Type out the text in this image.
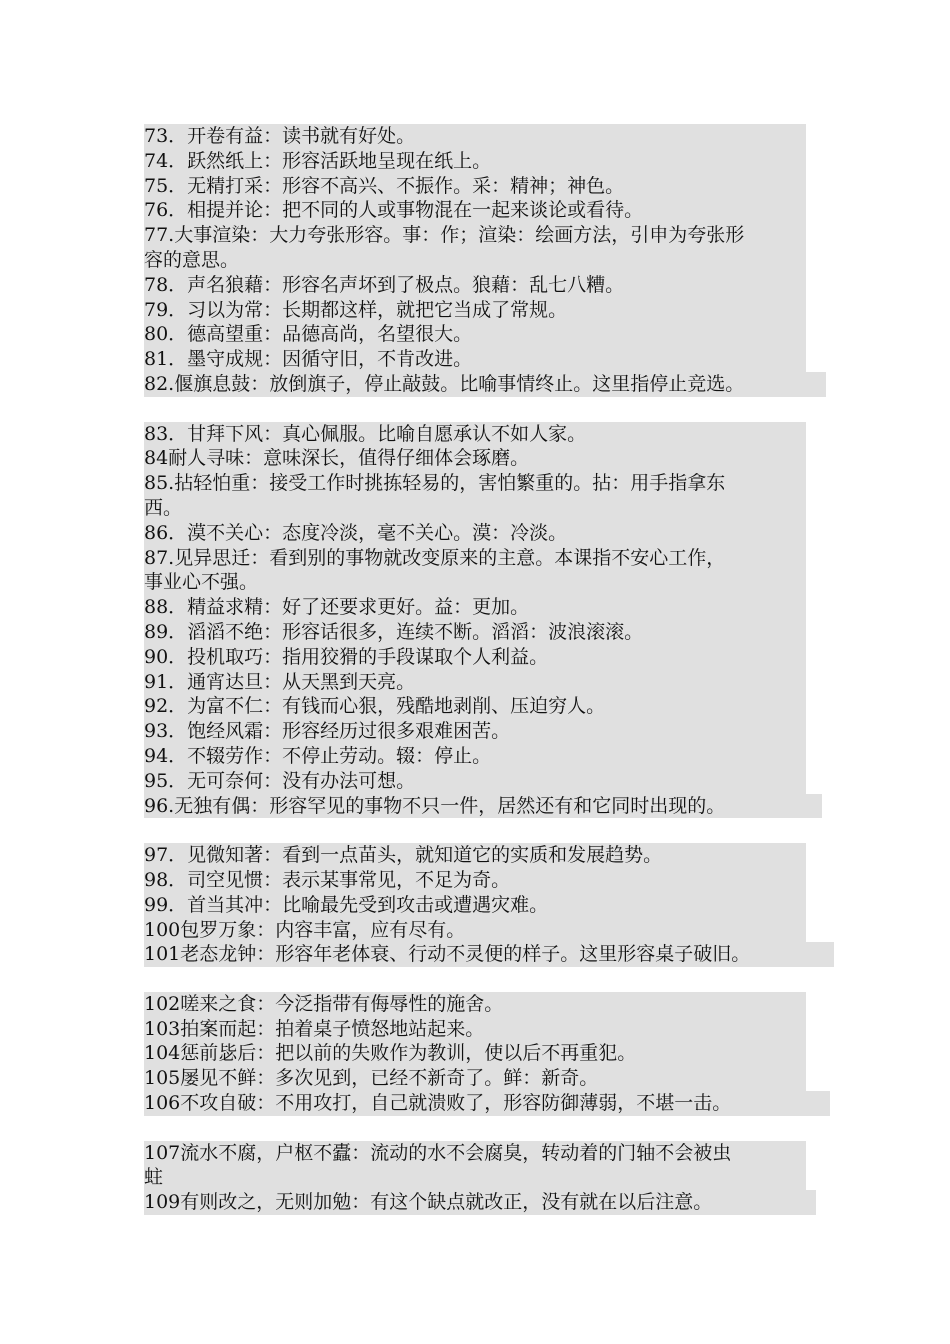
73．开卷有益：读书就有好处。
74．跃然纸上：形容活跃地呈现在纸上。
75．无精打采：形容不高兴、不振作。采：精神；神色。
76．相提并论：把不同的人或事物混在一起来谈论或看待。
77.大事渲染：大力夸张形容。事：作；渲染：绘画方法，引申为夸张形
容的意思。
78．声名狼藉：形容名声坏到了极点。狼藉：乱七八糟。
79．习以为常：长期都这样，就把它当成了常规。
80．德高望重：品德高尚，名望很大。
81．墨守成规：因循守旧，不肯改进。
82.偃旗息鼓：放倒旗子，停止敲鼓。比喻事情终止。这里指停止竞选。
83．甘拜下风：真心佩服。比喻自愿承认不如人家。
84耐人寻味：意味深长，值得仔细体会琢磨。
85.拈轻怕重：接受工作时挑拣轻易的，害怕繁重的。拈：用手指拿东
西。
86．漠不关心：态度冷淡，毫不关心。漠：冷淡。
87.见异思迁：看到别的事物就改变原来的主意。本课指不安心工作，
事业心不强。
88．精益求精：好了还要求更好。益：更加。
89．滔滔不绝：形容话很多，连续不断。滔滔：波浪滚滚。
90．投机取巧：指用狡猾的手段谋取个人利益。
91．通宵达旦：从天黑到天亮。
92．为富不仁：有钱而心狠，残酷地剥削、压迫穷人。
93．饱经风霜：形容经历过很多艰难困苦。
94．不辍劳作：不停止劳动。辍：停止。
95．无可奈何：没有办法可想。
96.无独有偶：形容罕见的事物不只一件，居然还有和它同时出现的。
97．见微知著：看到一点苗头，就知道它的实质和发展趋势。
98．司空见惯：表示某事常见，不足为奇。
99．首当其冲：比喻最先受到攻击或遭遇灾难。
100包罗万象：内容丰富，应有尽有。
101老态龙钟：形容年老体衰、行动不灵便的样子。这里形容桌子破旧。
102嗟来之食：今泛指带有侮辱性的施舍。
103拍案而起：拍着桌子愤怒地站起来。
104惩前毖后：把以前的失败作为教训，使以后不再重犯。
105屡见不鲜：多次见到，已经不新奇了。鲜：新奇。
106不攻自破：不用攻打，自己就溃败了，形容防御薄弱，不堪一击。
107流水不腐，户枢不蠹：流动的水不会腐臭，转动着的门轴不会被虫
蛀
109有则改之，无则加勉：有这个缺点就改正，没有就在以后注意。
